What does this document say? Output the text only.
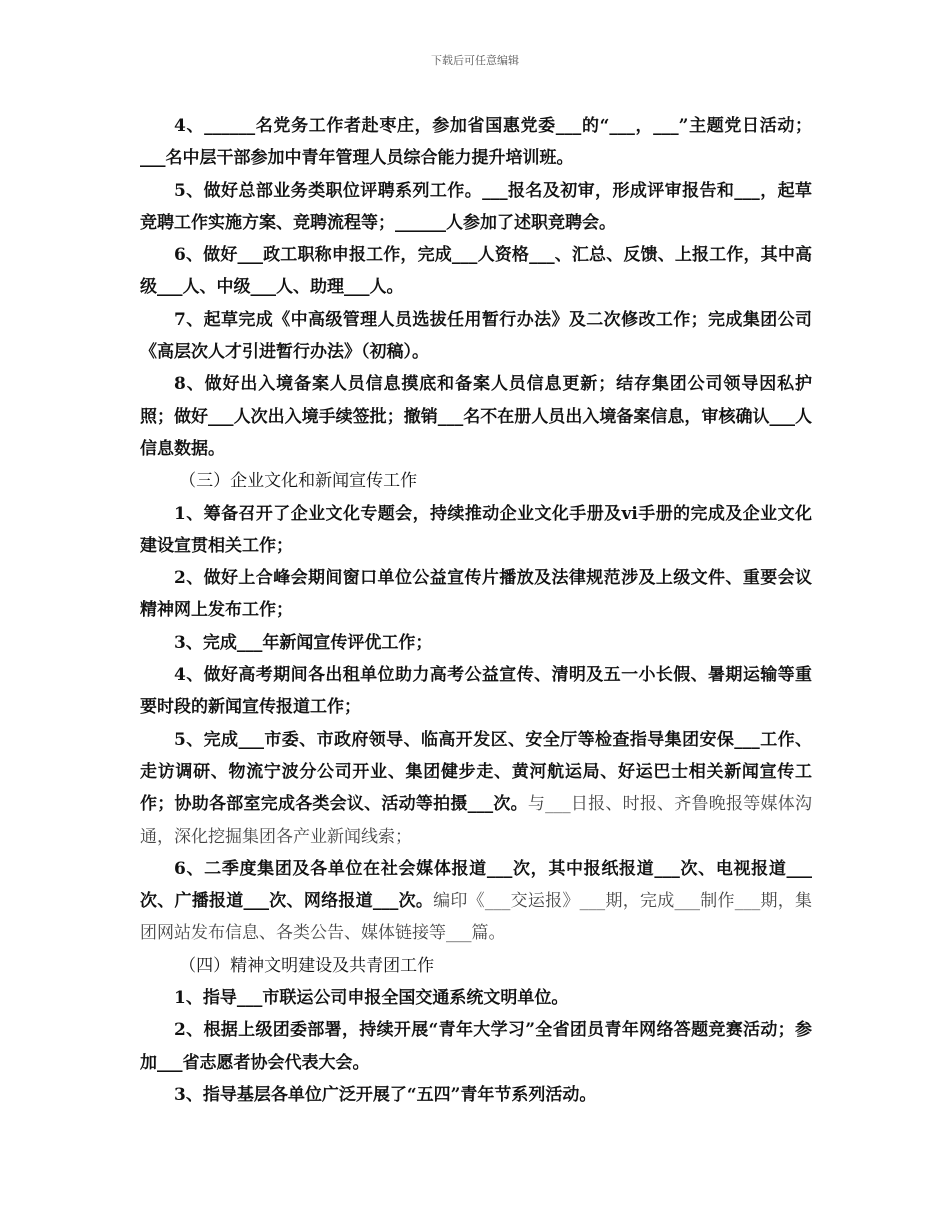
下载后可任意编辑

4、______名党务工作者赴枣庄，参加省国惠党委___的“___，___”主题党日活动；___名中层干部参加中青年管理人员综合能力提升培训班。

5、做好总部业务类职位评聘系列工作。___报名及初审，形成评审报告和___，起草竞聘工作实施方案、竞聘流程等；______人参加了述职竞聘会。

6、做好___政工职称申报工作，完成___人资格___、汇总、反馈、上报工作，其中高级___人、中级___人、助理___人。

7、起草完成《中高级管理人员选拔任用暂行办法》及二次修改工作；完成集团公司《高层次人才引进暂行办法》（初稿）。

8、做好出入境备案人员信息摸底和备案人员信息更新；结存集团公司领导因私护照；做好___人次出入境手续签批；撤销___名不在册人员出入境备案信息，审核确认___人信息数据。

（三）企业文化和新闻宣传工作

1、筹备召开了企业文化专题会，持续推动企业文化手册及vi手册的完成及企业文化建设宣贯相关工作；

2、做好上合峰会期间窗口单位公益宣传片播放及法律规范涉及上级文件、重要会议精神网上发布工作；

3、完成___年新闻宣传评优工作；

4、做好高考期间各出租单位助力高考公益宣传、清明及五一小长假、暑期运输等重要时段的新闻宣传报道工作；

5、完成___市委、市政府领导、临高开发区、安全厅等检查指导集团安保___工作、走访调研、物流宁波分公司开业、集团健步走、黄河航运局、好运巴士相关新闻宣传工作；协助各部室完成各类会议、活动等拍摄___次。与___日报、时报、齐鲁晚报等媒体沟通，深化挖掘集团各产业新闻线索；

6、二季度集团及各单位在社会媒体报道___次，其中报纸报道___次、电视报道___次、广播报道___次、网络报道___次。编印《___交运报》___期，完成___制作___期，集团网站发布信息、各类公告、媒体链接等___篇。

（四）精神文明建设及共青团工作

1、指导___市联运公司申报全国交通系统文明单位。

2、根据上级团委部署，持续开展“青年大学习”全省团员青年网络答题竞赛活动；参加___省志愿者协会代表大会。

3、指导基层各单位广泛开展了“五四”青年节系列活动。
